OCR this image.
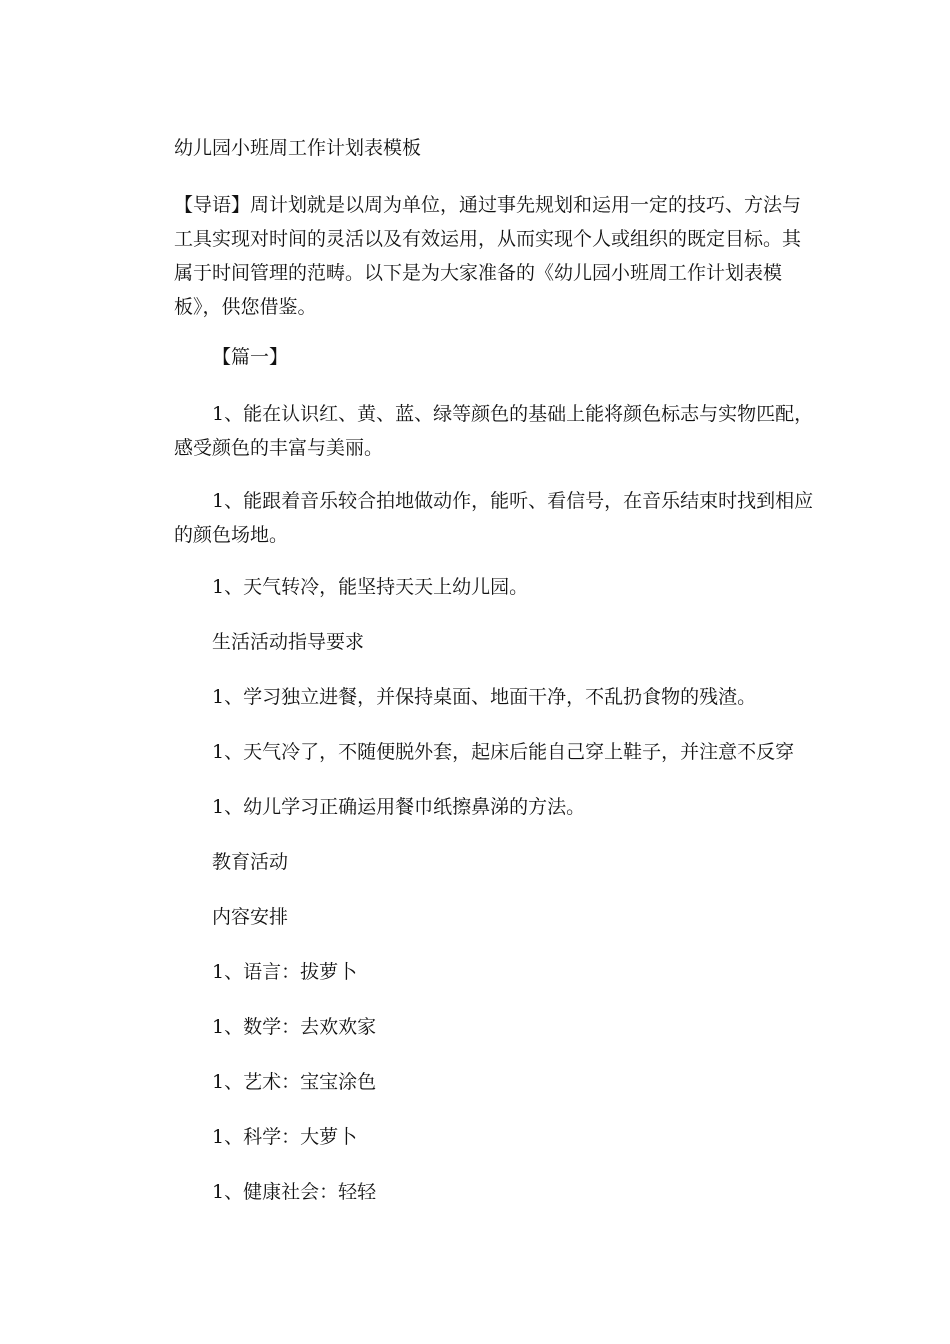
幼儿园小班周工作计划表模板

【导语】周计划就是以周为单位，通过事先规划和运用一定的技巧、方法与工具实现对时间的灵活以及有效运用，从而实现个人或组织的既定目标。其属于时间管理的范畴。以下是为大家准备的《幼儿园小班周工作计划表模板》，供您借鉴。

【篇一】

1、能在认识红、黄、蓝、绿等颜色的基础上能将颜色标志与实物匹配，感受颜色的丰富与美丽。

1、能跟着音乐较合拍地做动作，能听、看信号，在音乐结束时找到相应的颜色场地。

1、天气转冷，能坚持天天上幼儿园。

生活活动指导要求

1、学习独立进餐，并保持桌面、地面干净，不乱扔食物的残渣。

1、天气冷了，不随便脱外套，起床后能自己穿上鞋子，并注意不反穿

1、幼儿学习正确运用餐巾纸擦鼻涕的方法。

教育活动

内容安排

1、语言：拔萝卜

1、数学：去欢欢家

1、艺术：宝宝涂色

1、科学：大萝卜

1、健康社会：轻轻
